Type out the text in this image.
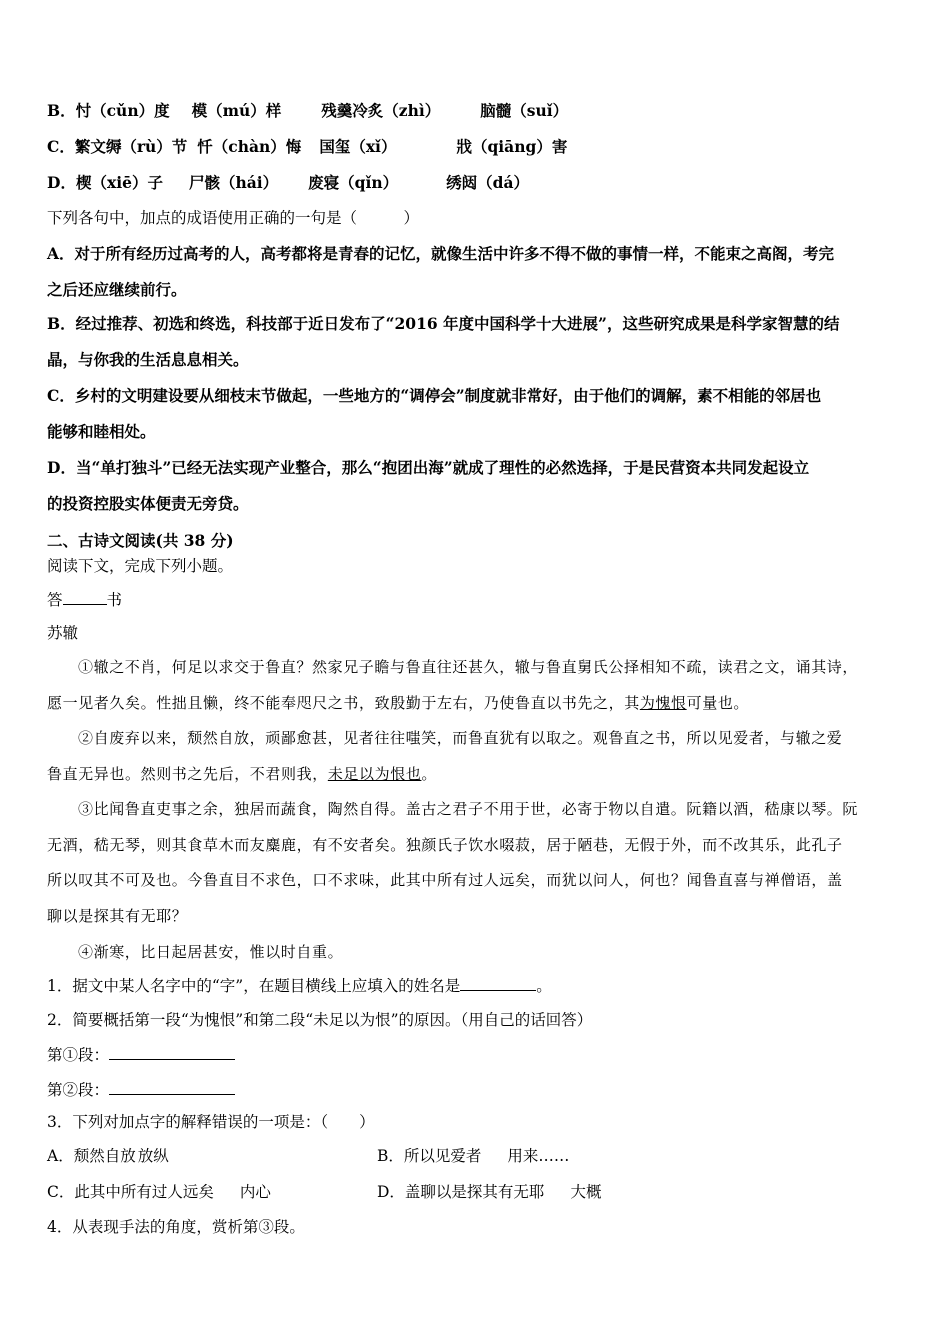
B．忖（cǔn）度 模（mú）样	残羹冷炙（zhì）	脑髓（suǐ）
C．繁文缛（rù）节 忏（chàn）悔 国玺（xǐ）	戕（qiāng）害
D．楔（xiē）子 尸骸（hái） 废寝（qǐn）	绣闼（dá）
下列各句中，加点的成语使用正确的一句是（　　　）
A．对于所有经历过高考的人，高考都将是青春的记忆，就像生活中许多不得不做的事情一样，不能束之高阁，考完
之后还应继续前行。
B．经过推荐、初选和终选，科技部于近日发布了“2016 年度中国科学十大进展”，这些研究成果是科学家智慧的结
晶，与你我的生活息息相关。
C．乡村的文明建设要从细枝末节做起，一些地方的“调停会”制度就非常好，由于他们的调解，素不相能的邻居也
能够和睦相处。
D．当“单打独斗”已经无法实现产业整合，那么“抱团出海”就成了理性的必然选择，于是民营资本共同发起设立
的投资控股实体便责无旁贷。
二、古诗文阅读(共 38 分)
阅读下文，完成下列小题。
答	书
苏辙
①辙之不肖，何足以求交于鲁直？然家兄子瞻与鲁直往还甚久，辙与鲁直舅氏公择相知不疏，读君之文，诵其诗，
愿一见者久矣。性拙且懒，终不能奉咫尺之书，致殷勤于左右，乃使鲁直以书先之，其为愧恨可量也。
②自废弃以来，颓然自放，顽鄙愈甚，见者往往嗤笑，而鲁直犹有以取之。观鲁直之书，所以见爱者，与辙之爱
鲁直无异也。然则书之先后，不君则我，未足以为恨也。
③比闻鲁直吏事之余，独居而蔬食，陶然自得。盖古之君子不用于世，必寄于物以自遣。阮籍以酒，嵇康以琴。阮
无酒，嵇无琴，则其食草木而友麋鹿，有不安者矣。独颜氏子饮水啜菽，居于陋巷，无假于外，而不改其乐，此孔子
所以叹其不可及也。今鲁直目不求色，口不求味，此其中所有过人远矣，而犹以问人，何也？闻鲁直喜与禅僧语，盖
聊以是探其有无耶？
④渐寒，比日起居甚安，惟以时自重。
1．据文中某人名字中的“字”，在题目横线上应填入的姓名是	。
2．简要概括第一段“为愧恨”和第二段“未足以为恨”的原因。（用自己的话回答）
第①段：
第②段：
3．下列对加点字的解释错误的一项是：（　　）
A．颓然自放 放纵	B．所以见爱者 用来……
C．此其中所有过人远矣 内心	D．盖聊以是探其有无耶 大概
4．从表现手法的角度，赏析第③段。
